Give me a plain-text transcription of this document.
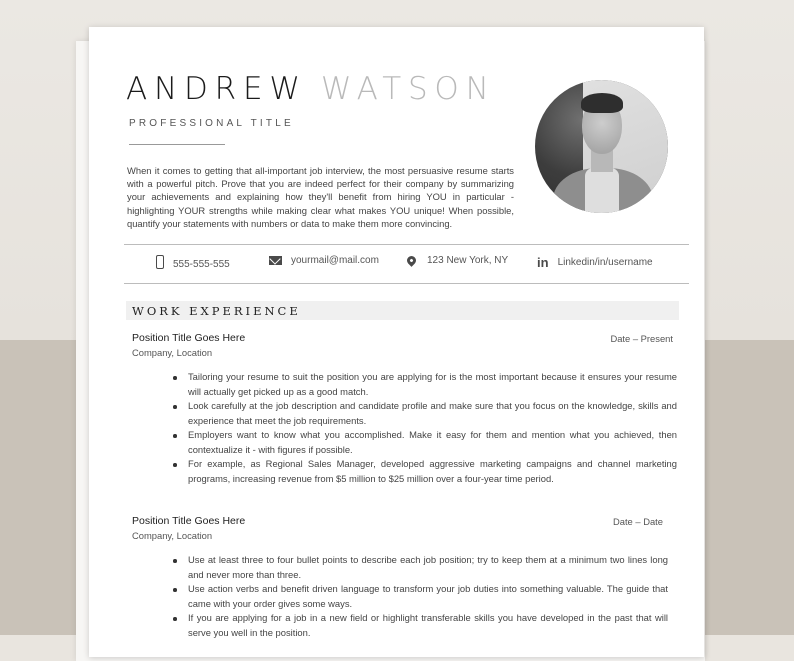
ANDREW WATSON
PROFESSIONAL TITLE
When it comes to getting that all-important job interview, the most persuasive resume starts with a powerful pitch. Prove that you are indeed perfect for their company by summarizing your achievements and explaining how they'll benefit from hiring YOU in particular - highlighting YOUR strengths while making clear what makes YOU unique! When possible, quantify your statements with numbers or data to make them more convincing.
555-555-555	yourmail@mail.com	123 New York, NY in Linkedin/in/username
WORK EXPERIENCE
Position Title Goes Here
Company, Location
Date – Present
Tailoring your resume to suit the position you are applying for is the most important because it ensures your resume will actually get picked up as a good match.
Look carefully at the job description and candidate profile and make sure that you focus on the knowledge, skills and experience that meet the job requirements.
Employers want to know what you accomplished. Make it easy for them and mention what you achieved, then contextualize it - with figures if possible.
For example, as Regional Sales Manager, developed aggressive marketing campaigns and channel marketing programs, increasing revenue from $5 million to $25 million over a four-year time period.
Position Title Goes Here
Company, Location
Date – Date
Use at least three to four bullet points to describe each job position; try to keep them at a minimum two lines long and never more than three.
Use action verbs and benefit driven language to transform your job duties into something valuable. The guide that came with your order gives some ways.
If you are applying for a job in a new field or highlight transferable skills you have developed in the past that will serve you well in the position.
